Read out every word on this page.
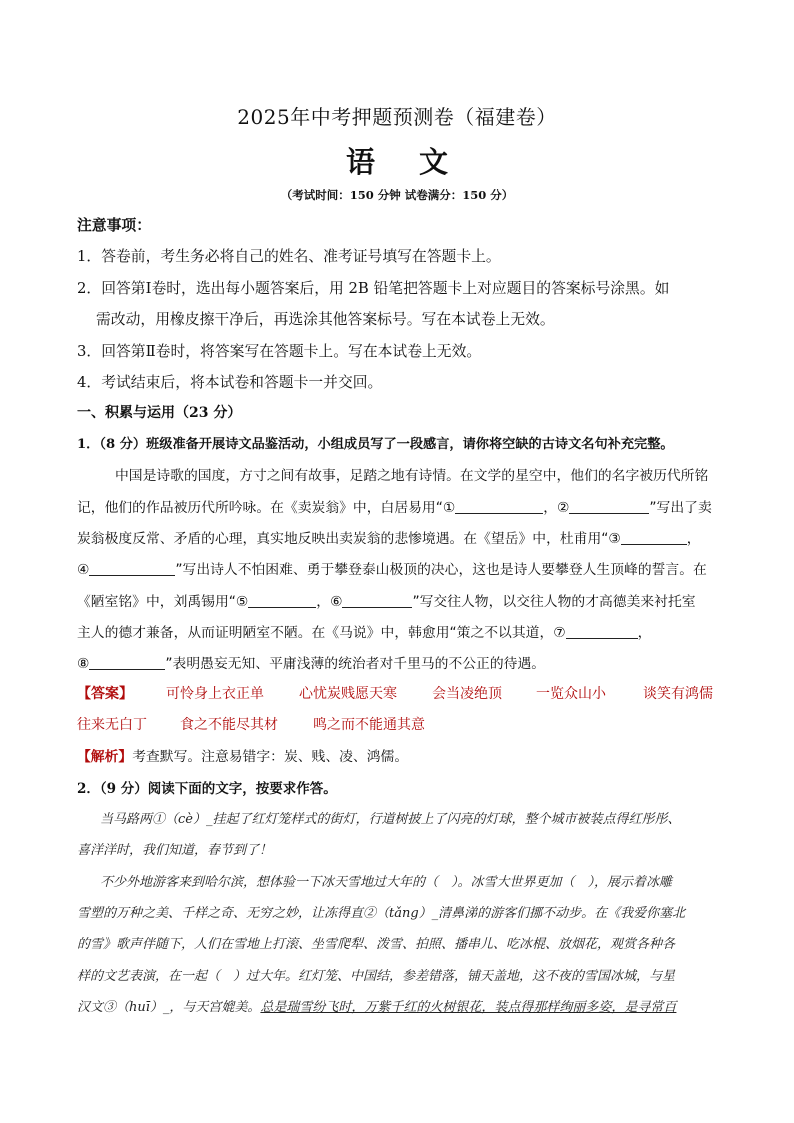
2025年中考押题预测卷（福建卷）
语 文
（考试时间：150 分钟 试卷满分：150 分）
注意事项：
1．答卷前，考生务必将自己的姓名、准考证号填写在答题卡上。
2．回答第Ⅰ卷时，选出每小题答案后，用 2B 铅笔把答题卡上对应题目的答案标号涂黑。如
需改动，用橡皮擦干净后，再选涂其他答案标号。写在本试卷上无效。
3．回答第Ⅱ卷时，将答案写在答题卡上。写在本试卷上无效。
4．考试结束后，将本试卷和答题卡一并交回。
一、积累与运用（23 分）
1．（8 分）班级准备开展诗文品鉴活动，小组成员写了一段感言，请你将空缺的古诗文名句补充完整。
中国是诗歌的国度，方寸之间有故事，足踏之地有诗情。在文学的星空中，他们的名字被历代所铭
记，他们的作品被历代所吟咏。在《卖炭翁》中，白居易用“①	，②	”写出了卖
炭翁极度反常、矛盾的心理，真实地反映出卖炭翁的悲惨境遇。在《望岳》中，杜甫用“③	，
④	”写出诗人不怕困难、勇于攀登泰山极顶的决心，这也是诗人要攀登人生顶峰的誓言。在
《陋室铭》中，刘禹锡用“⑤	，⑥	”写交往人物，以交往人物的才高德美来衬托室
主人的德才兼备，从而证明陋室不陋。在《马说》中，韩愈用“策之不以其道，⑦	，
⑧	”表明愚妄无知、平庸浅薄的统治者对千里马的不公正的待遇。
【答案】 可怜身上衣正单	心忧炭贱愿天寒	会当凌绝顶 一览众山小	谈笑有鸿儒
往来无白丁 食之不能尽其材	鸣之而不能通其意
【解析】考查默写。注意易错字：炭、贱、凌、鸿儒。
2．（9 分）阅读下面的文字，按要求作答。
当马路两①（cè）_挂起了红灯笼样式的街灯，行道树披上了闪亮的灯球，整个城市被装点得红彤彤、
喜洋洋时，我们知道，春节到了！
不少外地游客来到哈尔滨，想体验一下冰天雪地过大年的（　）。冰雪大世界更加（　），展示着冰雕
雪塑的万种之美、千样之奇、无穷之妙，让冻得直②（tǎng）_清鼻涕的游客们挪不动步。在《我爱你塞北
的雪》歌声伴随下，人们在雪地上打滚、坐雪爬犁、泼雪、拍照、播串儿、吃冰棍、放烟花，观赏各种各
样的文艺表演，在一起（　）过大年。红灯笼、中国结，参差错落，铺天盖地，这不夜的雪国冰城，与星
汉文③（huī）_，与天宫媲美。总是瑞雪纷飞时，万紫千红的火树银花，装点得那样绚丽多姿，是寻常百
